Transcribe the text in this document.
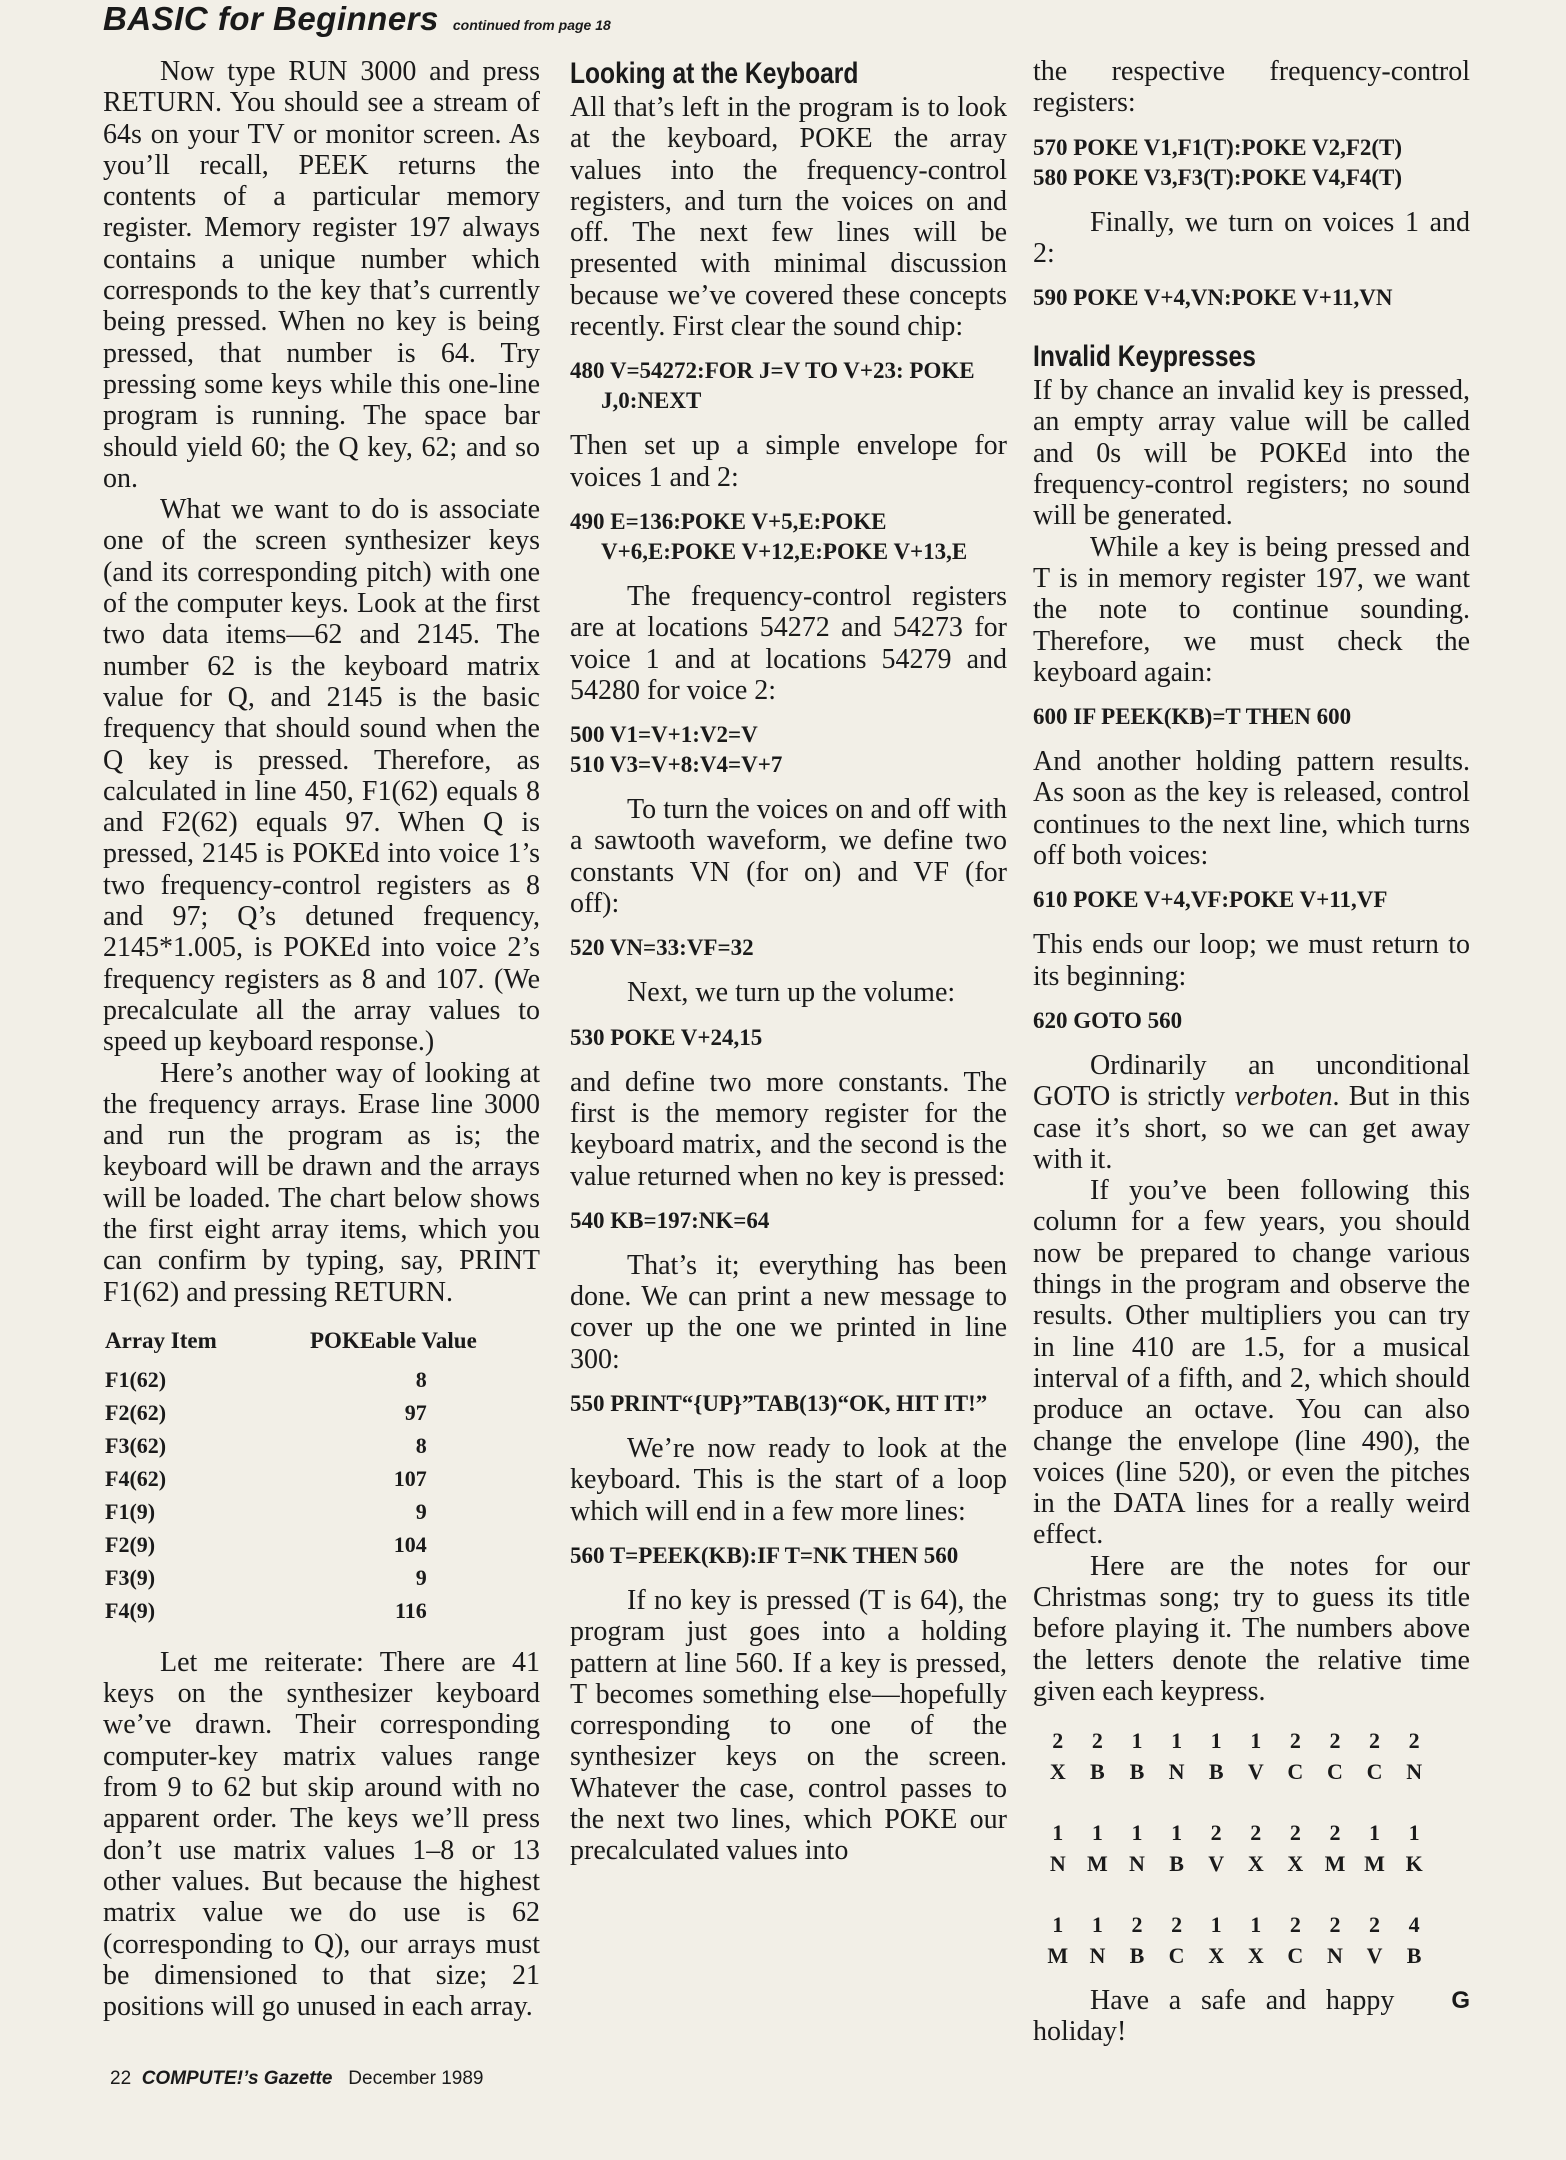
BASIC for Beginners continued from page 18

Now type RUN 3000 and press RETURN. You should see a stream of 64s on your TV or monitor screen. As you’ll recall, PEEK returns the contents of a particular memory register. Memory register 197 always contains a unique number which corresponds to the key that’s currently being pressed. When no key is being pressed, that number is 64. Try pressing some keys while this one-line program is running. The space bar should yield 60; the Q key, 62; and so on.

What we want to do is associate one of the screen synthesizer keys (and its corresponding pitch) with one of the computer keys. Look at the first two data items—62 and 2145. The number 62 is the keyboard matrix value for Q, and 2145 is the basic frequency that should sound when the Q key is pressed. Therefore, as calculated in line 450, F1(62) equals 8 and F2(62) equals 97. When Q is pressed, 2145 is POKEd into voice 1’s two frequency-control registers as 8 and 97; Q’s detuned frequency, 2145*1.005, is POKEd into voice 2’s frequency registers as 8 and 107. (We precalculate all the array values to speed up keyboard response.)

Here’s another way of looking at the frequency arrays. Erase line 3000 and run the program as is; the keyboard will be drawn and the arrays will be loaded. The chart below shows the first eight array items, which you can confirm by typing, say, PRINT F1(62) and pressing RETURN.

Array Item	POKEable Value
F1(62)	8
F2(62)	97
F3(62)	8
F4(62)	107
F1(9)	9
F2(9)	104
F3(9)	9
F4(9)	116

Let me reiterate: There are 41 keys on the synthesizer keyboard we’ve drawn. Their corresponding computer-key matrix values range from 9 to 62 but skip around with no apparent order. The keys we’ll press don’t use matrix values 1–8 or 13 other values. But because the highest matrix value we do use is 62 (corresponding to Q), our arrays must be dimensioned to that size; 21 positions will go unused in each array.

Looking at the Keyboard

All that’s left in the program is to look at the keyboard, POKE the array values into the frequency-control registers, and turn the voices on and off. The next few lines will be presented with minimal discussion because we’ve covered these concepts recently. First clear the sound chip:

480 V=54272:FOR J=V TO V+23: POKE J,0:NEXT

Then set up a simple envelope for voices 1 and 2:

490 E=136:POKE V+5,E:POKE V+6,E:POKE V+12,E:POKE V+13,E

The frequency-control registers are at locations 54272 and 54273 for voice 1 and at locations 54279 and 54280 for voice 2:

500 V1=V+1:V2=V
510 V3=V+8:V4=V+7

To turn the voices on and off with a sawtooth waveform, we define two constants VN (for on) and VF (for off):

520 VN=33:VF=32

Next, we turn up the volume:

530 POKE V+24,15

and define two more constants. The first is the memory register for the keyboard matrix, and the second is the value returned when no key is pressed:

540 KB=197:NK=64

That’s it; everything has been done. We can print a new message to cover up the one we printed in line 300:

550 PRINT“{UP}”TAB(13)“OK, HIT IT!”

We’re now ready to look at the keyboard. This is the start of a loop which will end in a few more lines:

560 T=PEEK(KB):IF T=NK THEN 560

If no key is pressed (T is 64), the program just goes into a holding pattern at line 560. If a key is pressed, T becomes something else—hopefully corresponding to one of the synthesizer keys on the screen. Whatever the case, control passes to the next two lines, which POKE our precalculated values into

the respective frequency-control registers:

570 POKE V1,F1(T):POKE V2,F2(T)
580 POKE V3,F3(T):POKE V4,F4(T)

Finally, we turn on voices 1 and 2:

590 POKE V+4,VN:POKE V+11,VN
Invalid Keypresses

If by chance an invalid key is pressed, an empty array value will be called and 0s will be POKEd into the frequency-control registers; no sound will be generated.

While a key is being pressed and T is in memory register 197, we want the note to continue sounding. Therefore, we must check the keyboard again:

600 IF PEEK(KB)=T THEN 600

And another holding pattern results. As soon as the key is released, control continues to the next line, which turns off both voices:

610 POKE V+4,VF:POKE V+11,VF

This ends our loop; we must return to its beginning:

620 GOTO 560

Ordinarily an unconditional GOTO is strictly verboten. But in this case it’s short, so we can get away with it.

If you’ve been following this column for a few years, you should now be prepared to change various things in the program and observe the results. Other multipliers you can try in line 410 are 1.5, for a musical interval of a fifth, and 2, which should produce an octave. You can also change the envelope (line 490), the voices (line 520), or even the pitches in the DATA lines for a really weird effect.

Here are the notes for our Christmas song; try to guess its title before playing it. The numbers above the letters denote the relative time given each keypress.

2	2	1	1	1	1	2	2	2	2
X	B	B	N	B	V	C	C	C	N

1	1	1	1	2	2	2	2	1	1
N	M	N	B	V	X	X	M	M	K

1	1	2	2	1	1	2	2	2	4
M	N	B	C	X	X	C	N	V	B

G
Have a safe and happy holiday!

22 COMPUTE!’s Gazette December 1989
